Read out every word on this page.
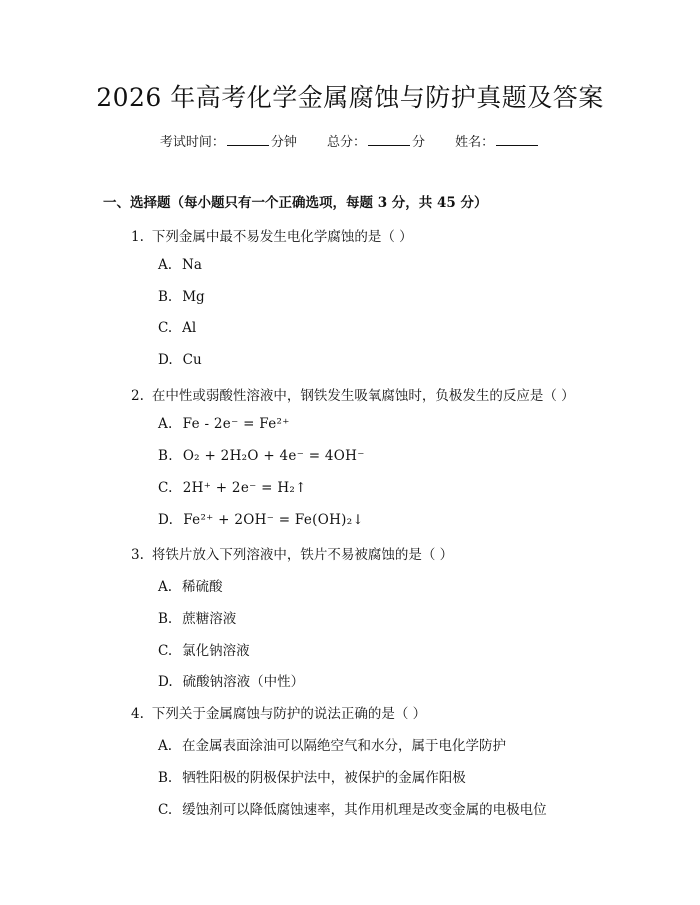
2026 年高考化学金属腐蚀与防护真题及答案
考试时间：	分钟 总分：	分 姓名：
一、选择题（每小题只有一个正确选项，每题 3 分，共 45 分）
1. 下列金属中最不易发生电化学腐蚀的是（ ）
A. Na
B. Mg
C. Al
D. Cu
2. 在中性或弱酸性溶液中，钢铁发生吸氧腐蚀时，负极发生的反应是（ ）
A. Fe - 2e⁻ = Fe²⁺
B. O₂ + 2H₂O + 4e⁻ = 4OH⁻
C. 2H⁺ + 2e⁻ = H₂↑
D. Fe²⁺ + 2OH⁻ = Fe(OH)₂↓
3. 将铁片放入下列溶液中，铁片不易被腐蚀的是（ ）
A. 稀硫酸
B. 蔗糖溶液
C. 氯化钠溶液
D. 硫酸钠溶液（中性）
4. 下列关于金属腐蚀与防护的说法正确的是（ ）
A. 在金属表面涂油可以隔绝空气和水分，属于电化学防护
B. 牺牲阳极的阴极保护法中，被保护的金属作阳极
C. 缓蚀剂可以降低腐蚀速率，其作用机理是改变金属的电极电位
